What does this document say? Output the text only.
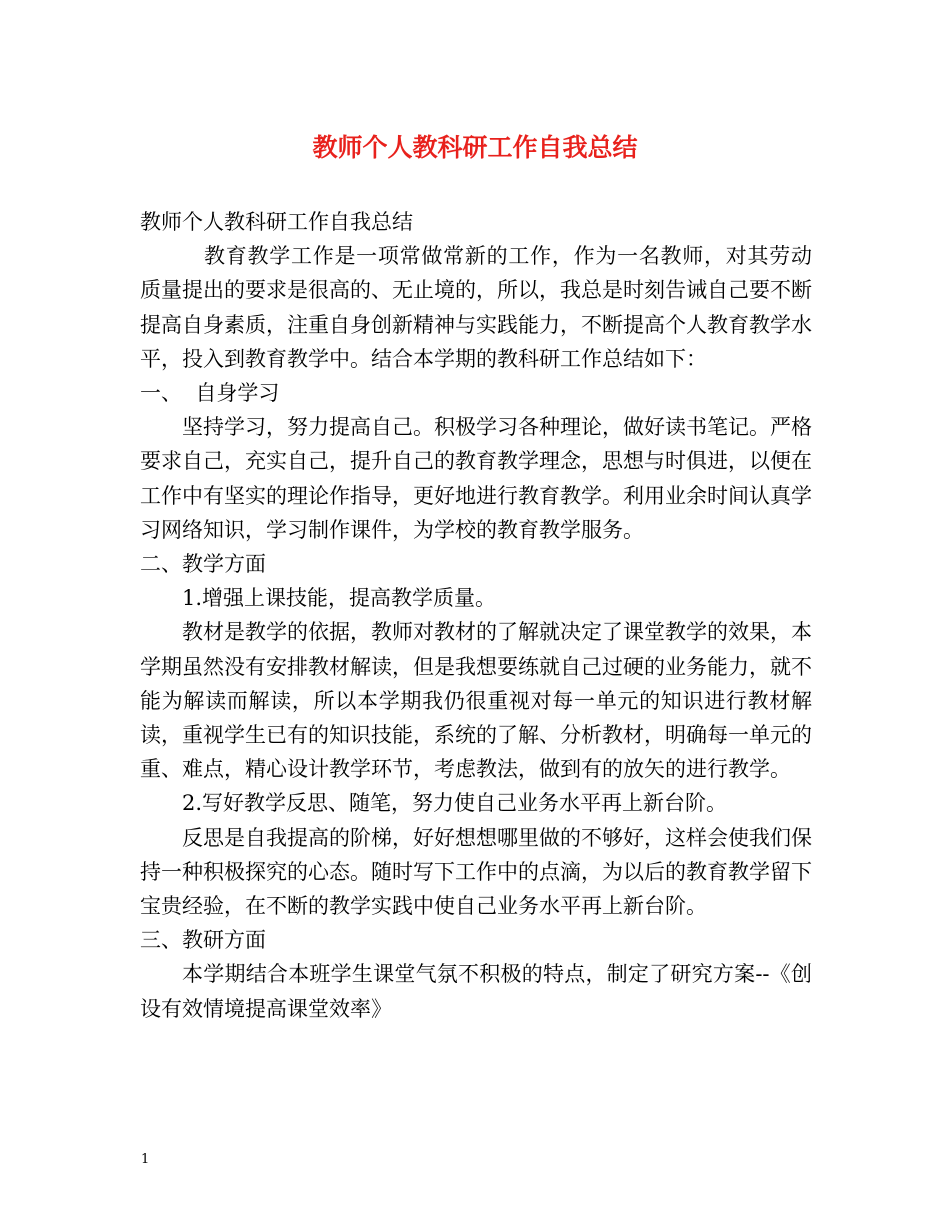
教师个人教科研工作自我总结

教师个人教科研工作自我总结

教育教学工作是一项常做常新的工作，作为一名教师，对其劳动质量提出的要求是很高的、无止境的，所以，我总是时刻告诫自己要不断提高自身素质，注重自身创新精神与实践能力，不断提高个人教育教学水平，投入到教育教学中。结合本学期的教科研工作总结如下：

一、  自身学习

坚持学习，努力提高自己。积极学习各种理论，做好读书笔记。严格要求自己，充实自己，提升自己的教育教学理念，思想与时俱进，以便在工作中有坚实的理论作指导，更好地进行教育教学。利用业余时间认真学习网络知识，学习制作课件，为学校的教育教学服务。

二、教学方面

1.增强上课技能，提高教学质量。

教材是教学的依据，教师对教材的了解就决定了课堂教学的效果，本学期虽然没有安排教材解读，但是我想要练就自己过硬的业务能力，就不能为解读而解读，所以本学期我仍很重视对每一单元的知识进行教材解读，重视学生已有的知识技能，系统的了解、分析教材，明确每一单元的重、难点，精心设计教学环节，考虑教法，做到有的放矢的进行教学。

2.写好教学反思、随笔，努力使自己业务水平再上新台阶。

反思是自我提高的阶梯，好好想想哪里做的不够好，这样会使我们保持一种积极探究的心态。随时写下工作中的点滴，为以后的教育教学留下宝贵经验，在不断的教学实践中使自己业务水平再上新台阶。

三、教研方面

本学期结合本班学生课堂气氛不积极的特点，制定了研究方案--《创设有效情境提高课堂效率》

1
